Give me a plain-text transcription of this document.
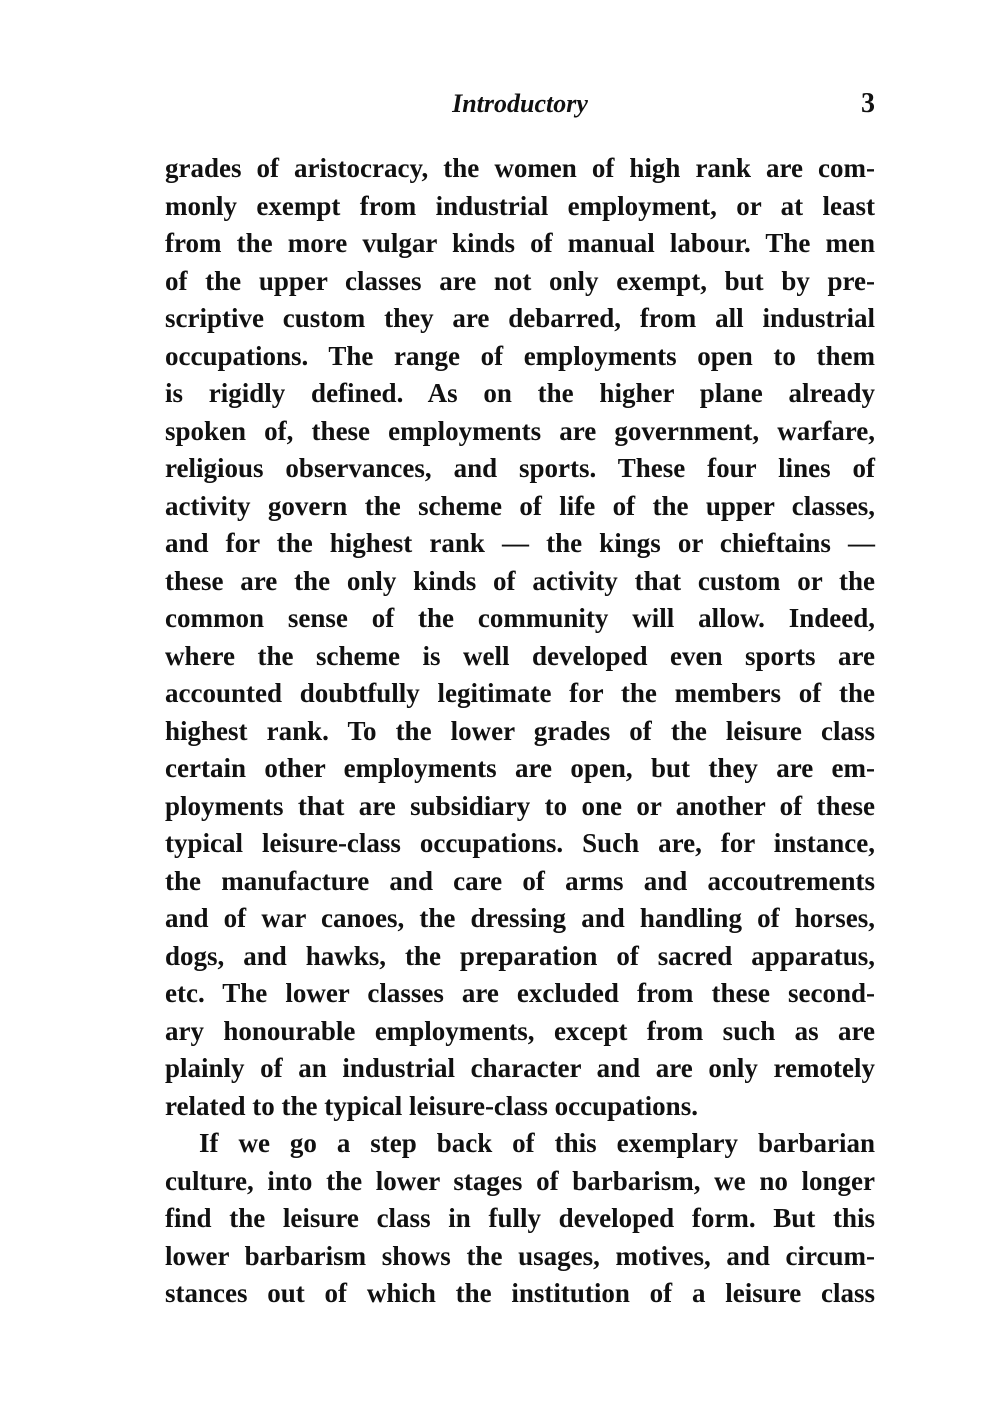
Introductory	3
grades of aristocracy, the women of high rank are com-
monly exempt from industrial employment, or at least
from the more vulgar kinds of manual labour. The men
of the upper classes are not only exempt, but by pre-
scriptive custom they are debarred, from all industrial
occupations. The range of employments open to them
is rigidly defined. As on the higher plane already
spoken of, these employments are government, warfare,
religious observances, and sports. These four lines of
activity govern the scheme of life of the upper classes,
and for the highest rank — the kings or chieftains —
these are the only kinds of activity that custom or the
common sense of the community will allow. Indeed,
where the scheme is well developed even sports are
accounted doubtfully legitimate for the members of the
highest rank. To the lower grades of the leisure class
certain other employments are open, but they are em-
ployments that are subsidiary to one or another of these
typical leisure-class occupations. Such are, for instance,
the manufacture and care of arms and accoutrements
and of war canoes, the dressing and handling of horses,
dogs, and hawks, the preparation of sacred apparatus,
etc. The lower classes are excluded from these second-
ary honourable employments, except from such as are
plainly of an industrial character and are only remotely
related to the typical leisure-class occupations.
If we go a step back of this exemplary barbarian
culture, into the lower stages of barbarism, we no longer
find the leisure class in fully developed form. But this
lower barbarism shows the usages, motives, and circum-
stances out of which the institution of a leisure class
